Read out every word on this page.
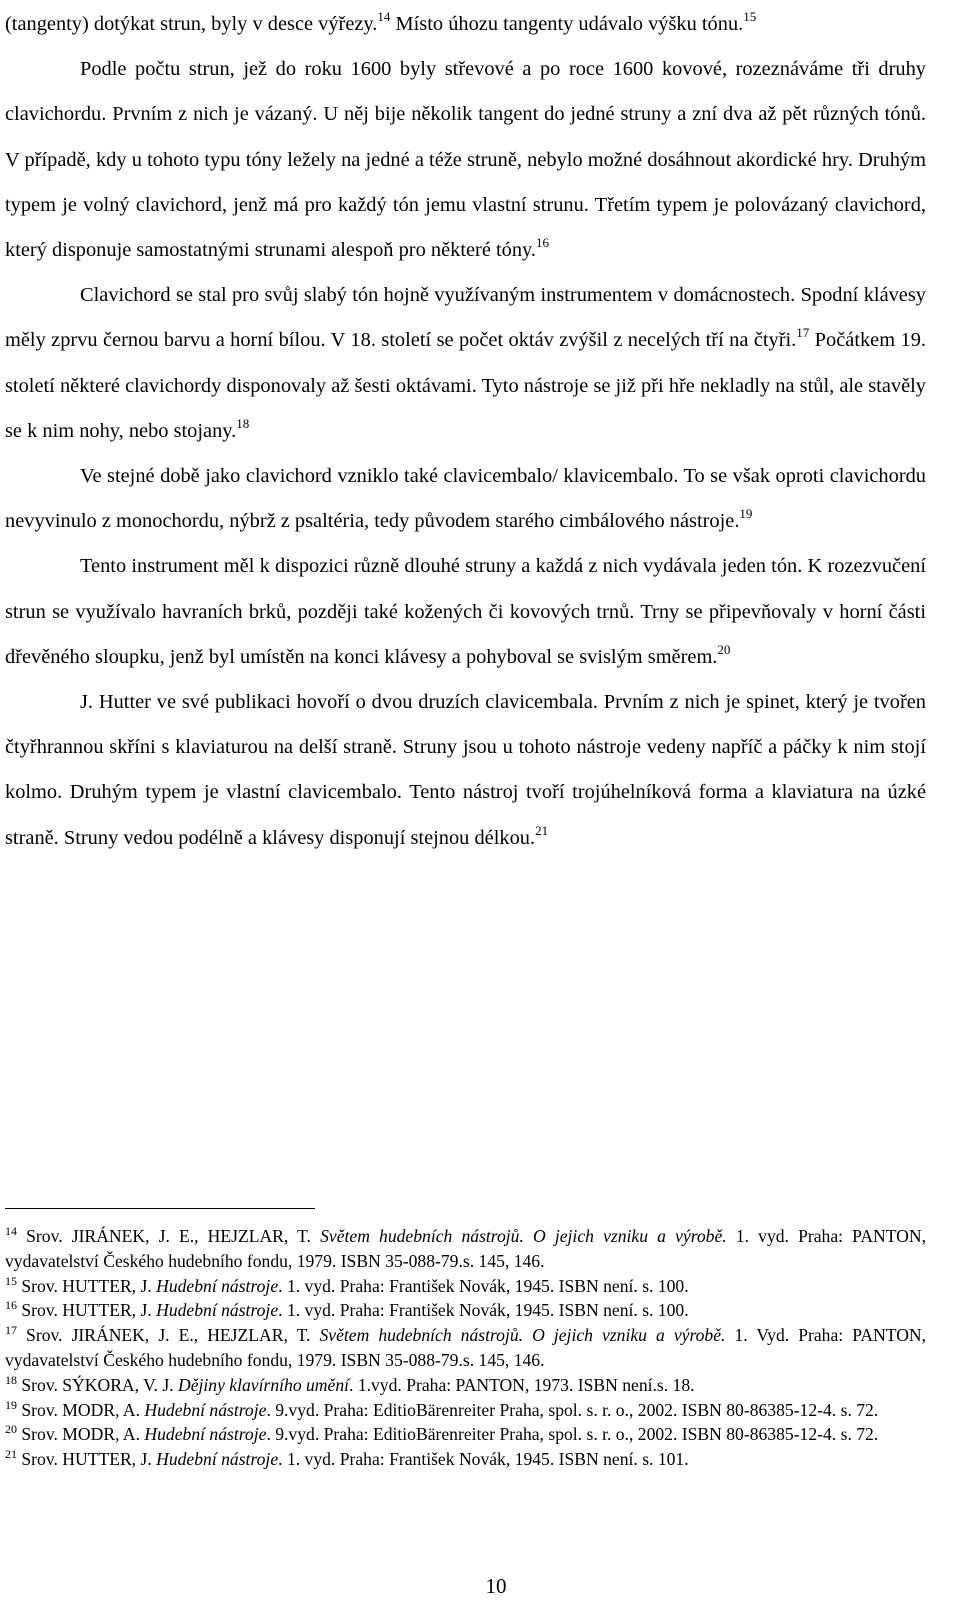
(tangenty) dotýkat strun, byly v desce výřezy.$^{14}$ Místo úhozu tangenty udávalo výšku tónu.$^{15}$

Podle počtu strun, jež do roku 1600 byly střevové a po roce 1600 kovové, rozeznáváme tři druhy clavichordu. Prvním z nich je vázaný. U něj bije několik tangent do jedné struny a zní dva až pět různých tónů. V případě, kdy u tohoto typu tóny ležely na jedné a téže struně, nebylo možné dosáhnout akordické hry. Druhým typem je volný clavichord, jenž má pro každý tón jemu vlastní strunu. Třetím typem je polovázaný clavichord, který disponuje samostatnými strunami alespoň pro některé tóny.$^{16}$

Clavichord se stal pro svůj slabý tón hojně využívaným instrumentem v domácnostech. Spodní klávesy měly zprvu černou barvu a horní bílou. V 18. století se počet oktáv zvýšil z necelých tří na čtyři.$^{17}$ Počátkem 19. století některé clavichordy disponovaly až šesti oktávami. Tyto nástroje se již při hře nekladly na stůl, ale stavěly se k nim nohy, nebo stojany.$^{18}$

Ve stejné době jako clavichord vzniklo také clavicembalo/ klavicembalo. To se však oproti clavichordu nevyvinulo z monochordu, nýbrž z psaltéria, tedy původem starého cimbálového nástroje.$^{19}$

Tento instrument měl k dispozici různě dlouhé struny a každá z nich vydávala jeden tón. K rozezvučení strun se využívalo havraních brků, později také kožených či kovových trnů. Trny se připevňovaly v horní části dřevěného sloupku, jenž byl umístěn na konci klávesy a pohyboval se svislým směrem.$^{20}$

J. Hutter ve své publikaci hovoří o dvou druzích clavicembala. Prvním z nich je spinet, který je tvořen čtyřhrannou skříni s klaviaturou na delší straně. Struny jsou u tohoto nástroje vedeny napříč a páčky k nim stojí kolmo. Druhým typem je vlastní clavicembalo. Tento nástroj tvoří trojúhelníková forma a klaviatura na úzké straně. Struny vedou podélně a klávesy disponují stejnou délkou.$^{21}$

$^{14}$ Srov. JIRÁNEK, J. E., HEJZLAR, T. Světem hudebních nástrojů. O jejich vzniku a výrobě. 1. vyd. Praha: PANTON, vydavatelství Českého hudebního fondu, 1979. ISBN 35-088-79.s. 145, 146.
$^{15}$ Srov. HUTTER, J. Hudební nástroje. 1. vyd. Praha: František Novák, 1945. ISBN není. s. 100.
$^{16}$ Srov. HUTTER, J. Hudební nástroje. 1. vyd. Praha: František Novák, 1945. ISBN není. s. 100.
$^{17}$ Srov. JIRÁNEK, J. E., HEJZLAR, T. Světem hudebních nástrojů. O jejich vzniku a výrobě. 1. Vyd. Praha: PANTON, vydavatelství Českého hudebního fondu, 1979. ISBN 35-088-79.s. 145, 146.
$^{18}$ Srov. SÝKORA, V. J. Dějiny klavírního umění. 1.vyd. Praha: PANTON, 1973. ISBN není.s. 18.
$^{19}$ Srov. MODR, A. Hudební nástroje. 9.vyd. Praha: EditioBärenreiter Praha, spol. s. r. o., 2002. ISBN 80-86385-12-4. s. 72.
$^{20}$ Srov. MODR, A. Hudební nástroje. 9.vyd. Praha: EditioBärenreiter Praha, spol. s. r. o., 2002. ISBN 80-86385-12-4. s. 72.
$^{21}$ Srov. HUTTER, J. Hudební nástroje. 1. vyd. Praha: František Novák, 1945. ISBN není. s. 101.
10
